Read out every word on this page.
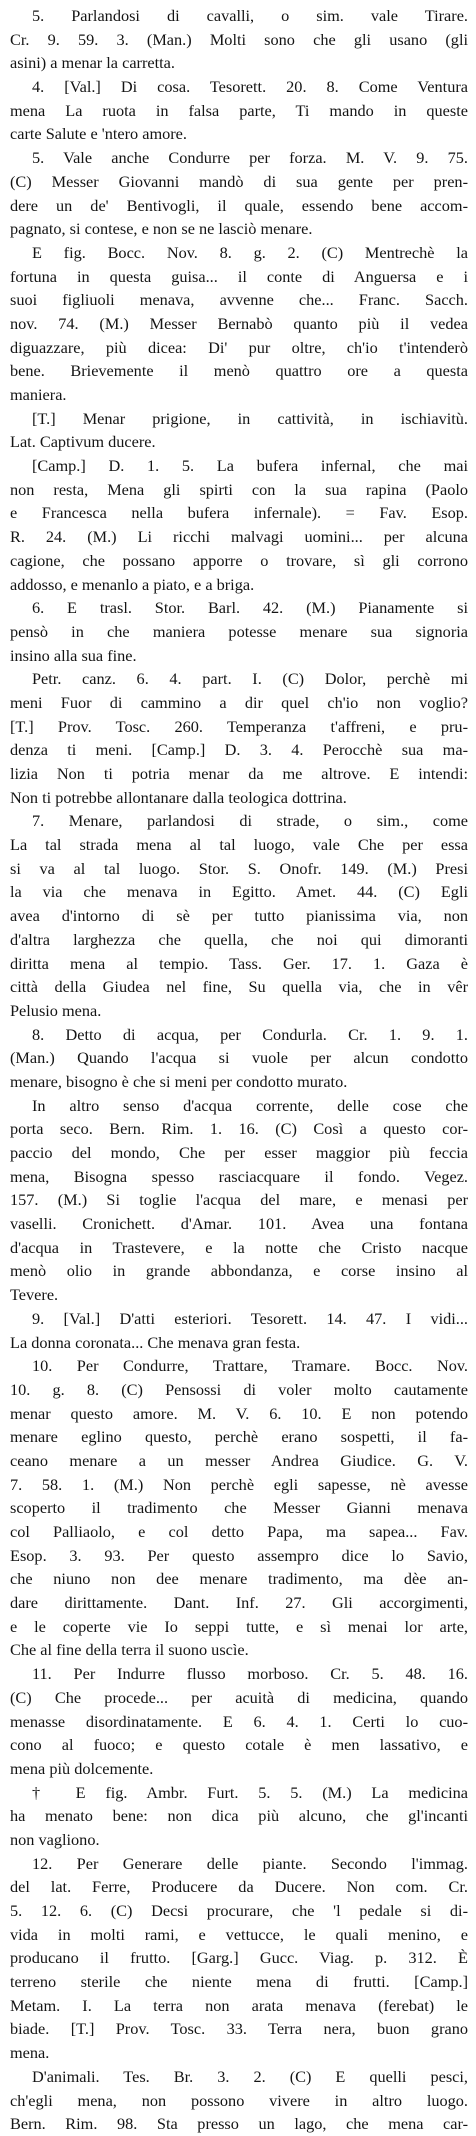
5. Parlandosi di cavalli, o sim. vale Tirare.

Cr. 9. 59. 3. (Man.) Molti sono che gli usano (gli

asini) a menar la carretta.

4. [Val.] Di cosa. Tesorett. 20. 8. Come Ventura

mena La ruota in falsa parte, Ti mando in queste

carte Salute e 'ntero amore.

5. Vale anche Condurre per forza. M. V. 9. 75.

(C) Messer Giovanni mandò di sua gente per pren-

dere un de' Bentivogli, il quale, essendo bene accom-

pagnato, si contese, e non se ne lasciò menare.

E fig. Bocc. Nov. 8. g. 2. (C) Mentrechè la

fortuna in questa guisa... il conte di Anguersa e i

suoi figliuoli menava, avvenne che... Franc. Sacch.

nov. 74. (M.) Messer Bernabò quanto più il vedea

diguazzare, più dicea: Di' pur oltre, ch'io t'intenderò

bene. Brievemente il menò quattro ore a questa

maniera.

[T.] Menar prigione, in cattività, in ischiavitù.

Lat. Captivum ducere.

[Camp.] D. 1. 5. La bufera infernal, che mai

non resta, Mena gli spirti con la sua rapina (Paolo

e Francesca nella bufera infernale). = Fav. Esop.

R. 24. (M.) Li ricchi malvagi uomini... per alcuna

cagione, che possano apporre o trovare, sì gli corrono

addosso, e menanlo a piato, e a briga.

6. E trasl. Stor. Barl. 42. (M.) Pianamente si

pensò in che maniera potesse menare sua signoria

insino alla sua fine.

Petr. canz. 6. 4. part. I. (C) Dolor, perchè mi

meni Fuor di cammino a dir quel ch'io non voglio?

[T.] Prov. Tosc. 260. Temperanza t'affreni, e pru-

denza ti meni. [Camp.] D. 3. 4. Perocchè sua ma-

lizia Non ti potria menar da me altrove. E intendi:

Non ti potrebbe allontanare dalla teologica dottrina.

7. Menare, parlandosi di strade, o sim., come

La tal strada mena al tal luogo, vale Che per essa

si va al tal luogo. Stor. S. Onofr. 149. (M.) Presi

la via che menava in Egitto. Amet. 44. (C) Egli

avea d'intorno di sè per tutto pianissima via, non

d'altra larghezza che quella, che noi qui dimoranti

diritta mena al tempio. Tass. Ger. 17. 1. Gaza è

città della Giudea nel fine, Su quella via, che in vêr

Pelusio mena.

8. Detto di acqua, per Condurla. Cr. 1. 9. 1.

(Man.) Quando l'acqua si vuole per alcun condotto

menare, bisogno è che si meni per condotto murato.

In altro senso d'acqua corrente, delle cose che

porta seco. Bern. Rim. 1. 16. (C) Così a questo cor-

paccio del mondo, Che per esser maggior più feccia

mena, Bisogna spesso rasciacquare il fondo. Vegez.

157. (M.) Si toglie l'acqua del mare, e menasi per

vaselli. Cronichett. d'Amar. 101. Avea una fontana

d'acqua in Trastevere, e la notte che Cristo nacque

menò olio in grande abbondanza, e corse insino al

Tevere.

9. [Val.] D'atti esteriori. Tesorett. 14. 47. I vidi...

La donna coronata... Che menava gran festa.

10. Per Condurre, Trattare, Tramare. Bocc. Nov.

10. g. 8. (C) Pensossi di voler molto cautamente

menar questo amore. M. V. 6. 10. E non potendo

menare eglino questo, perchè erano sospetti, il fa-

ceano menare a un messer Andrea Giudice. G. V.

7. 58. 1. (M.) Non perchè egli sapesse, nè avesse

scoperto il tradimento che Messer Gianni menava

col Palliaolo, e col detto Papa, ma sapea... Fav.

Esop. 3. 93. Per questo assempro dice lo Savio,

che niuno non dee menare tradimento, ma dèe an-

dare dirittamente. Dant. Inf. 27. Gli accorgimenti,

e le coperte vie Io seppi tutte, e sì menai lor arte,

Che al fine della terra il suono uscìe.

11. Per Indurre flusso morboso. Cr. 5. 48. 16.

(C) Che procede... per acuità di medicina, quando

menasse disordinatamente. E 6. 4. 1. Certi lo cuo-

cono al fuoco; e questo cotale è men lassativo, e

mena più dolcemente.

† E fig. Ambr. Furt. 5. 5. (M.) La medicina

ha menato bene: non dica più alcuno, che gl'incanti

non vagliono.

12. Per Generare delle piante. Secondo l'immag.

del lat. Ferre, Producere da Ducere. Non com. Cr.

5. 12. 6. (C) Decsi procurare, che 'l pedale si di-

vida in molti rami, e vettucce, le quali menino, e

producano il frutto. [Garg.] Gucc. Viag. p. 312. È

terreno sterile che niente mena di frutti. [Camp.]

Metam. I. La terra non arata menava (ferebat) le

biade. [T.] Prov. Tosc. 33. Terra nera, buon grano

mena.

D'animali. Tes. Br. 3. 2. (C) E quelli pesci,

ch'egli mena, non possono vivere in altro luogo.

Bern. Rim. 98. Sta presso un lago, che mena car-
